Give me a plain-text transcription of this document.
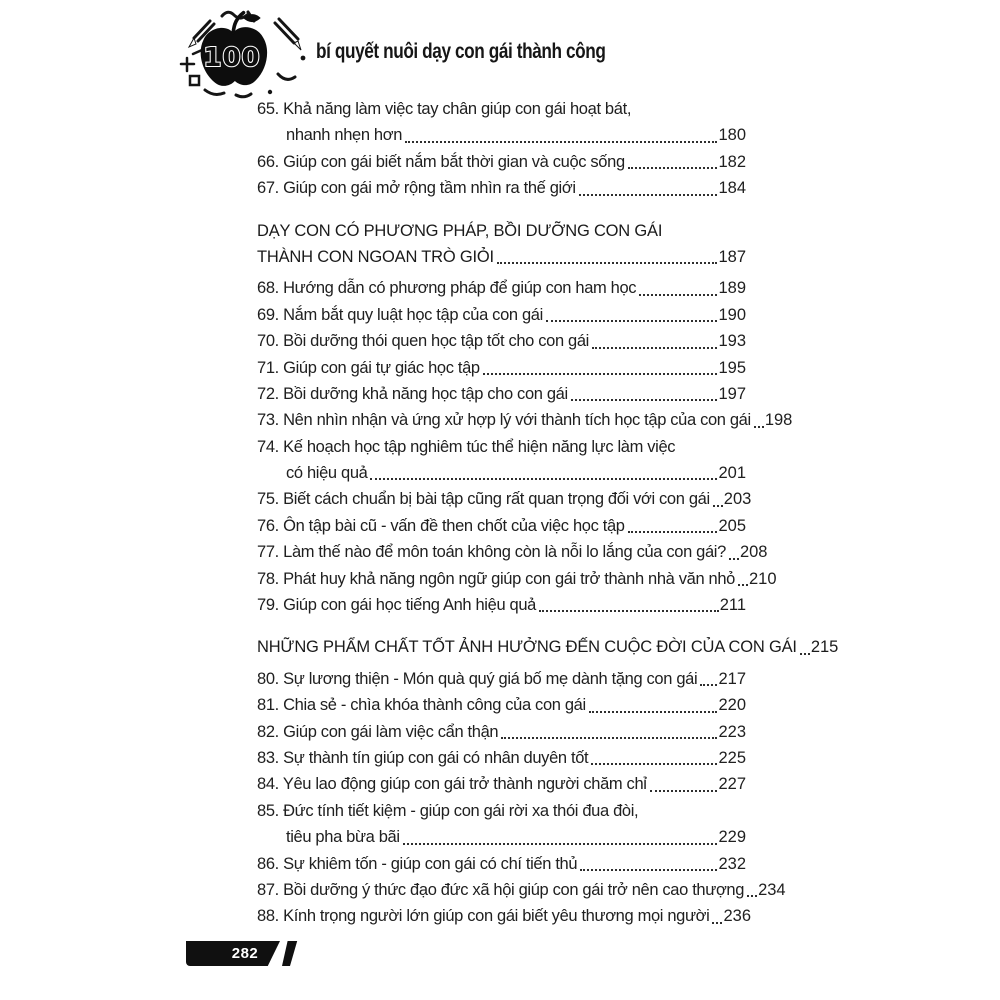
100	bí quyết nuôi dạy con gái thành công
65. Khả năng làm việc tay chân giúp con gái hoạt bát,
nhanh nhẹn hơn	180
66. Giúp con gái biết nắm bắt thời gian và cuộc sống	182
67. Giúp con gái mở rộng tầm nhìn ra thế giới	184
DẠY CON CÓ PHƯƠNG PHÁP, BỒI DƯỠNG CON GÁI
THÀNH CON NGOAN TRÒ GIỎI	187
68. Hướng dẫn có phương pháp để giúp con ham học	189
69. Nắm bắt quy luật học tập của con gái	190
70. Bồi dưỡng thói quen học tập tốt cho con gái	193
71. Giúp con gái tự giác học tập	195
72. Bồi dưỡng khả năng học tập cho con gái	197
73. Nên nhìn nhận và ứng xử hợp lý với thành tích học tập của con gái 198
74. Kế hoạch học tập nghiêm túc thể hiện năng lực làm việc
có hiệu quả	201
75. Biết cách chuẩn bị bài tập cũng rất quan trọng đối với con gái 203
76. Ôn tập bài cũ - vấn đề then chốt của việc học tập	205
77. Làm thế nào để môn toán không còn là nỗi lo lắng của con gái? 208
78. Phát huy khả năng ngôn ngữ giúp con gái trở thành nhà văn nhỏ 210
79. Giúp con gái học tiếng Anh hiệu quả	211
NHỮNG PHẨM CHẤT TỐT ẢNH HƯỞNG ĐẾN CUỘC ĐỜI CỦA CON GÁI 215
80. Sự lương thiện - Món quà quý giá bố mẹ dành tặng con gái 217
81. Chia sẻ - chìa khóa thành công của con gái	220
82. Giúp con gái làm việc cẩn thận	223
83. Sự thành tín giúp con gái có nhân duyên tốt	225
84. Yêu lao động giúp con gái trở thành người chăm chỉ	227
85. Đức tính tiết kiệm - giúp con gái rời xa thói đua đòi,
tiêu pha bừa bãi	229
86. Sự khiêm tốn - giúp con gái có chí tiến thủ	232
87. Bồi dưỡng ý thức đạo đức xã hội giúp con gái trở nên cao thượng 234
88. Kính trọng người lớn giúp con gái biết yêu thương mọi người 236
282
